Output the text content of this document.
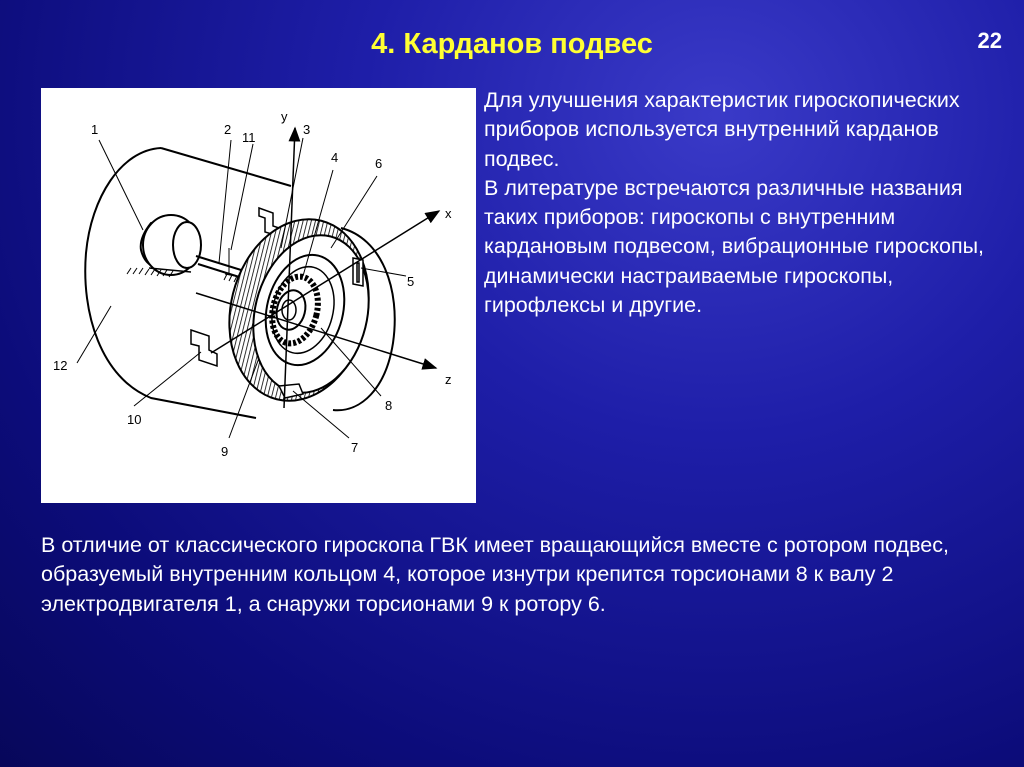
4. Карданов подвес	22
1	2
11
y
3
4	6
x
5
12
z
8
10
7
9

Для улучшения характеристик гироскопических приборов используется внутренний карданов подвес.

В литературе встречаются различные названия таких приборов: гироскопы с внутренним кардановым подвесом, вибрационные гироскопы, динамически настраиваемые гироскопы, гирофлексы и другие.

В отличие от классического гироскопа ГВК имеет вращающийся вместе с ротором подвес, образуемый внутренним кольцом 4, которое изнутри крепится торсионами 8 к валу 2 электродвигателя 1, а снаружи торсионами 9 к ротору 6.
